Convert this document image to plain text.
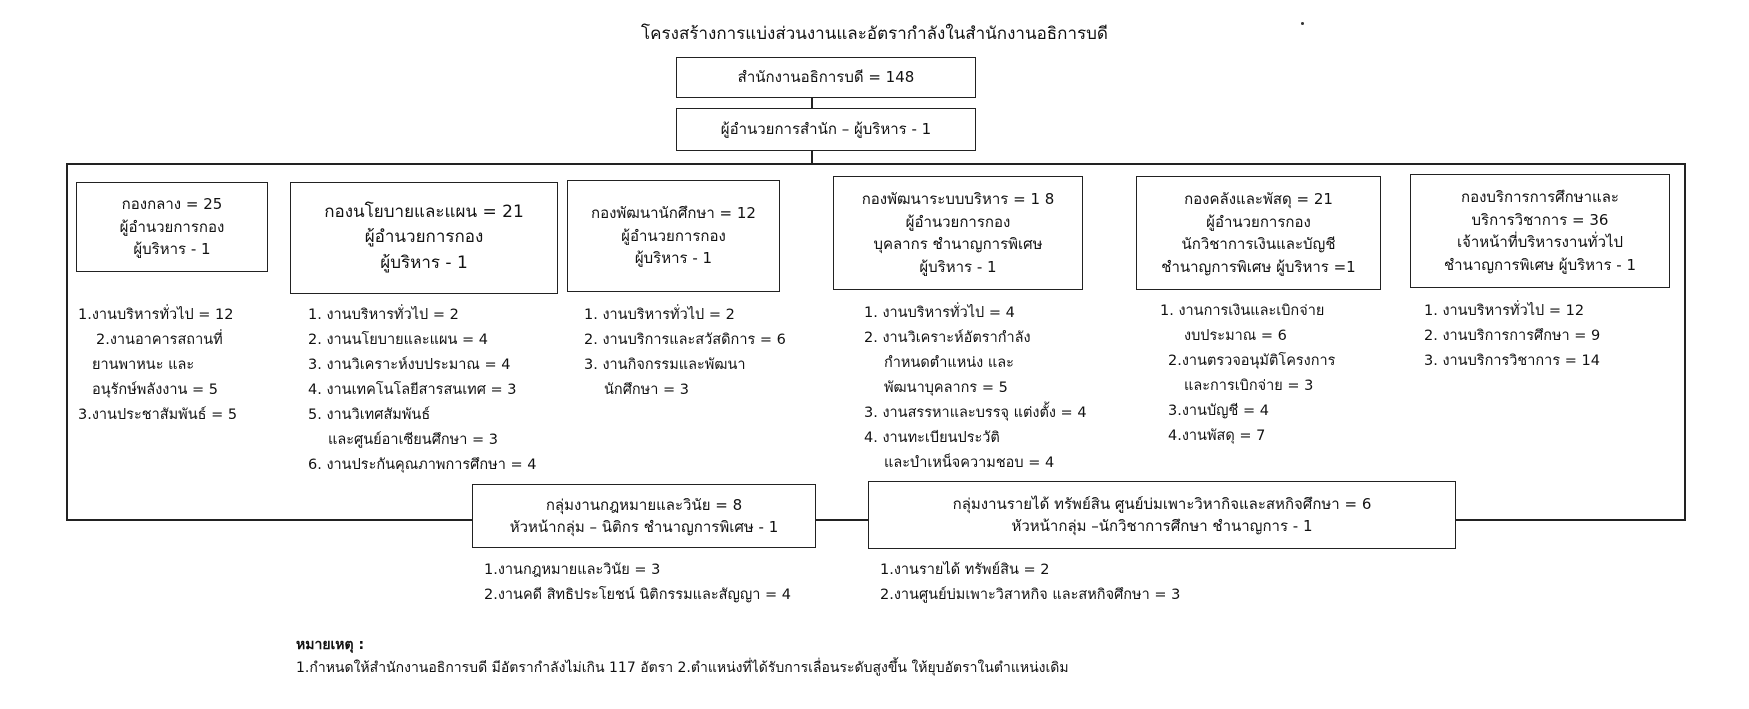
โครงสร้างการแบ่งส่วนงานและอัตรากำลังในสำนักงานอธิการบดี
สำนักงานอธิการบดี = 148
ผู้อำนวยการสำนัก – ผู้บริหาร - 1
กองกลาง = 25
ผู้อำนวยการกอง
ผู้บริหาร - 1
กองนโยบายและแผน = 21
ผู้อำนวยการกอง
ผู้บริหาร - 1
กองพัฒนานักศึกษา = 12
ผู้อำนวยการกอง
ผู้บริหาร - 1
กองพัฒนาระบบบริหาร = 1 8
ผู้อำนวยการกอง
บุคลากร ชำนาญการพิเศษ
ผู้บริหาร - 1
กองคลังและพัสดุ = 21
ผู้อำนวยการกอง
นักวิชาการเงินและบัญชี
ชำนาญการพิเศษ ผู้บริหาร =1
กองบริการการศึกษาและ
บริการวิชาการ = 36
เจ้าหน้าที่บริหารงานทั่วไป
ชำนาญการพิเศษ ผู้บริหาร - 1
1.งานบริหารทั่วไป = 12
2.งานอาคารสถานที่
ยานพาหนะ และ
อนุรักษ์พลังงาน = 5
3.งานประชาสัมพันธ์ = 5
1. งานบริหารทั่วไป = 2
2. งานนโยบายและแผน = 4
3. งานวิเคราะห์งบประมาณ = 4
4. งานเทคโนโลยีสารสนเทศ = 3
5. งานวิเทศสัมพันธ์
และศูนย์อาเซียนศึกษา = 3
6. งานประกันคุณภาพการศึกษา = 4
1. งานบริหารทั่วไป = 2
2. งานบริการและสวัสดิการ = 6
3. งานกิจกรรมและพัฒนา
นักศึกษา = 3
1. งานบริหารทั่วไป = 4
2. งานวิเคราะห์อัตรากำลัง
กำหนดตำแหน่ง และ
พัฒนาบุคลากร = 5
3. งานสรรหาและบรรจุ แต่งตั้ง = 4
4. งานทะเบียนประวัติ
และบำเหน็จความชอบ = 4
1. งานการเงินและเบิกจ่าย
งบประมาณ = 6
2.งานตรวจอนุมัติโครงการ
และการเบิกจ่าย = 3
3.งานบัญชี = 4
4.งานพัสดุ = 7
1. งานบริหารทั่วไป = 12
2. งานบริการการศึกษา = 9
3. งานบริการวิชาการ = 14
กลุ่มงานกฎหมายและวินัย = 8
หัวหน้ากลุ่ม – นิติกร ชำนาญการพิเศษ - 1
กลุ่มงานรายได้ ทรัพย์สิน ศูนย์บ่มเพาะวิหากิจและสหกิจศึกษา = 6
หัวหน้ากลุ่ม –นักวิชาการศึกษา ชำนาญการ - 1
1.งานกฎหมายและวินัย = 3
2.งานคดี สิทธิประโยชน์ นิติกรรมและสัญญา = 4
1.งานรายได้ ทรัพย์สิน = 2
2.งานศูนย์บ่มเพาะวิสาหกิจ และสหกิจศึกษา = 3
หมายเหตุ :
1.กำหนดให้สำนักงานอธิการบดี มีอัตรากำลังไม่เกิน 117 อัตรา 2.ตำแหน่งที่ได้รับการเลื่อนระดับสูงขึ้น ให้ยุบอัตราในตำแหน่งเดิม
